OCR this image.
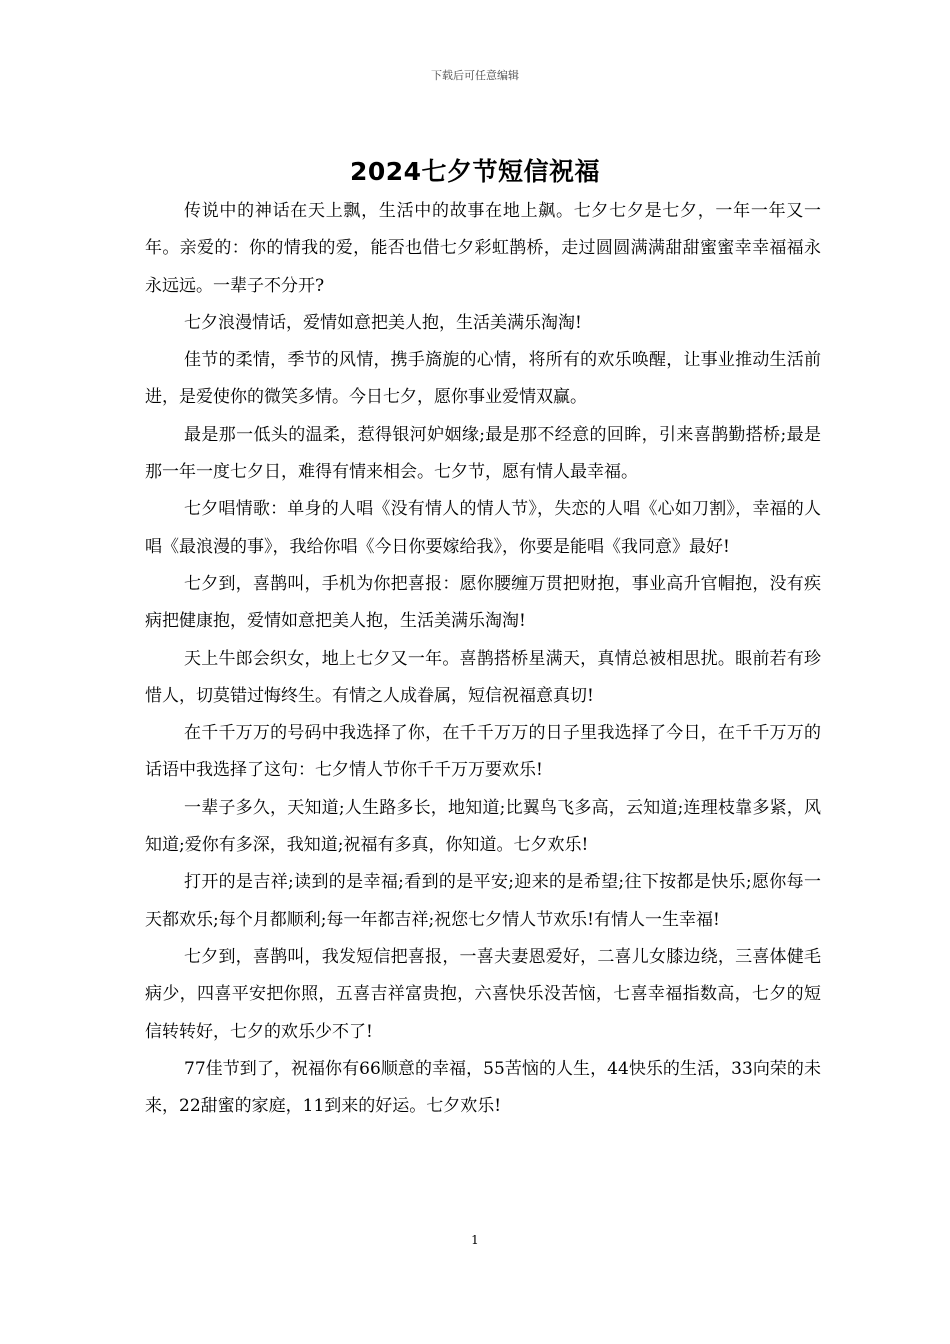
下载后可任意编辑
2024七夕节短信祝福

传说中的神话在天上飘，生活中的故事在地上飙。七夕七夕是七夕，一年一年又一年。亲爱的：你的情我的爱，能否也借七夕彩虹鹊桥，走过圆圆满满甜甜蜜蜜幸幸福福永永远远。一辈子不分开?

七夕浪漫情话，爱情如意把美人抱，生活美满乐淘淘!

佳节的柔情，季节的风情，携手旖旎的心情，将所有的欢乐唤醒，让事业推动生活前进，是爱使你的微笑多情。今日七夕，愿你事业爱情双赢。

最是那一低头的温柔，惹得银河妒姻缘;最是那不经意的回眸，引来喜鹊勤搭桥;最是那一年一度七夕日，难得有情来相会。七夕节，愿有情人最幸福。

七夕唱情歌：单身的人唱《没有情人的情人节》，失恋的人唱《心如刀割》，幸福的人唱《最浪漫的事》，我给你唱《今日你要嫁给我》，你要是能唱《我同意》最好!

七夕到，喜鹊叫，手机为你把喜报：愿你腰缠万贯把财抱，事业高升官帽抱，没有疾病把健康抱，爱情如意把美人抱，生活美满乐淘淘!

天上牛郎会织女，地上七夕又一年。喜鹊搭桥星满天，真情总被相思扰。眼前若有珍惜人，切莫错过悔终生。有情之人成眷属，短信祝福意真切!

在千千万万的号码中我选择了你，在千千万万的日子里我选择了今日，在千千万万的话语中我选择了这句：七夕情人节你千千万万要欢乐!

一辈子多久，天知道;人生路多长，地知道;比翼鸟飞多高，云知道;连理枝靠多紧，风知道;爱你有多深，我知道;祝福有多真，你知道。七夕欢乐!

打开的是吉祥;读到的是幸福;看到的是平安;迎来的是希望;往下按都是快乐;愿你每一天都欢乐;每个月都顺利;每一年都吉祥;祝您七夕情人节欢乐!有情人一生幸福!

七夕到，喜鹊叫，我发短信把喜报，一喜夫妻恩爱好，二喜儿女膝边绕，三喜体健毛病少，四喜平安把你照，五喜吉祥富贵抱，六喜快乐没苦恼，七喜幸福指数高，七夕的短信转转好，七夕的欢乐少不了!

77佳节到了，祝福你有66顺意的幸福，55苦恼的人生，44快乐的生活，33向荣的未来，22甜蜜的家庭，11到来的好运。七夕欢乐!

1
